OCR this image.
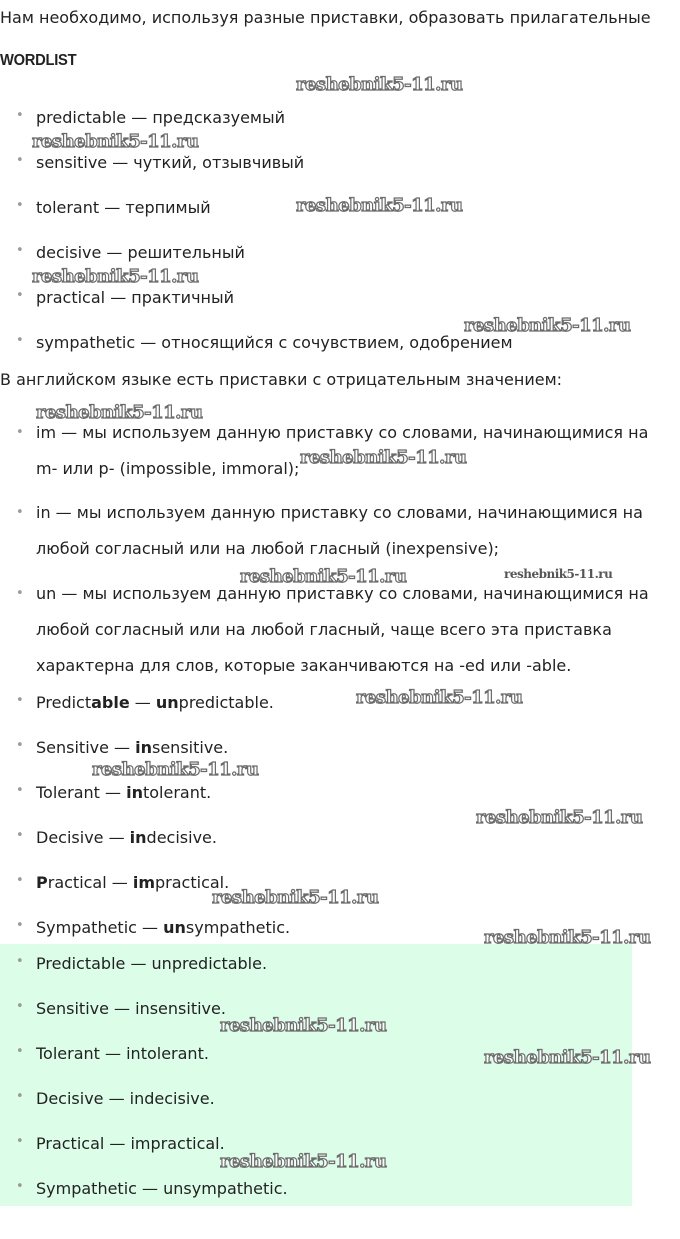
Нам необходимо, используя разные приставки, образовать прилагательные

WORDLIST

• predictable — предсказуемый
• sensitive — чуткий, отзывчивый
• tolerant — терпимый
• decisive — решительный
• practical — практичный
• sympathetic — относящийся с сочувствием, одобрением

В английском языке есть приставки с отрицательным значением:

• im — мы используем данную приставку со словами, начинающимися на
m- или p- (impossible, immoral);
• in — мы используем данную приставку со словами, начинающимися на
любой согласный или на любой гласный (inexpensive);
• un — мы используем данную приставку со словами, начинающимися на
любой согласный или на любой гласный, чаще всего эта приставка
характерна для слов, которые заканчиваются на -ed или -able.
• Predictable — unpredictable.
• Sensitive — insensitive.
• Tolerant — intolerant.
• Decisive — indecisive.
• Practical — impractical.
• Sympathetic — unsympathetic.
• Predictable — unpredictable.
• Sensitive — insensitive.
• Tolerant — intolerant.
• Decisive — indecisive.
• Practical — impractical.
• Sympathetic — unsympathetic.
reshebnik5-11.ru
reshebnik5-11.ru
reshebnik5-11.ru
reshebnik5-11.ru
reshebnik5-11.ru
reshebnik5-11.ru
reshebnik5-11.ru
reshebnik5-11.ru	reshebnik5-11.ru
reshebnik5-11.ru
reshebnik5-11.ru
reshebnik5-11.ru
reshebnik5-11.ru
reshebnik5-11.ru
reshebnik5-11.ru
reshebnik5-11.ru
reshebnik5-11.ru
